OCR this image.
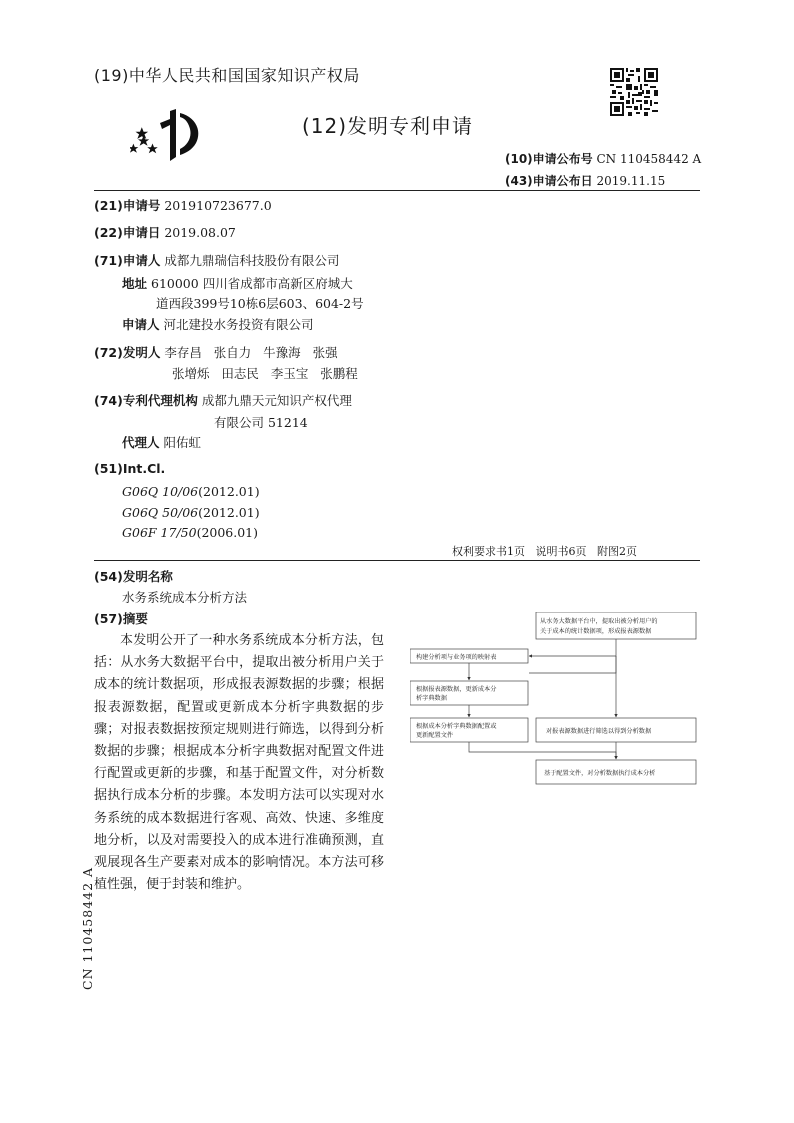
(19)中华人民共和国国家知识产权局
(12)发明专利申请
(10)申请公布号 CN 110458442 A
(43)申请公布日 2019.11.15
(21)申请号 201910723677.0
(22)申请日 2019.08.07
(71)申请人 成都九鼎瑞信科技股份有限公司
地址 610000 四川省成都市高新区府城大
道西段399号10栋6层603、604-2号
申请人 河北建投水务投资有限公司
(72)发明人 李存昌   张自力   牛豫海   张强
张增烁   田志民   李玉宝   张鹏程
(74)专利代理机构 成都九鼎天元知识产权代理
有限公司 51214
代理人 阳佑虹
(51)Int.Cl.
G06Q 10/06(2012.01)
G06Q 50/06(2012.01)
G06F 17/50(2006.01)
权利要求书1页   说明书6页   附图2页
(54)发明名称
水务系统成本分析方法
(57)摘要
本发明公开了一种水务系统成本分析方法，包括：从水务大数据平台中，提取出被分析用户关于成本的统计数据项，形成报表源数据的步骤；根据报表源数据，配置或更新成本分析字典数据的步骤；对报表数据按预定规则进行筛选，以得到分析数据的步骤；根据成本分析字典数据对配置文件进行配置或更新的步骤，和基于配置文件，对分析数据执行成本分析的步骤。本发明方法可以实现对水务系统的成本数据进行客观、高效、快速、多维度地分析，以及对需要投入的成本进行准确预测，直观展现各生产要素对成本的影响情况。本方法可移植性强，便于封装和维护。
从水务大数据平台中，提取出被分析用户的
关于成本的统计数据项，形成报表源数据
构建分析项与业务项的映射表
根据报表源数据，更新成本分
析字典数据
根据成本分析字典数据配置或
更新配置文件
对报表源数据进行筛选以得到分析数据
基于配置文件，对分析数据执行成本分析
CN 110458442 A
